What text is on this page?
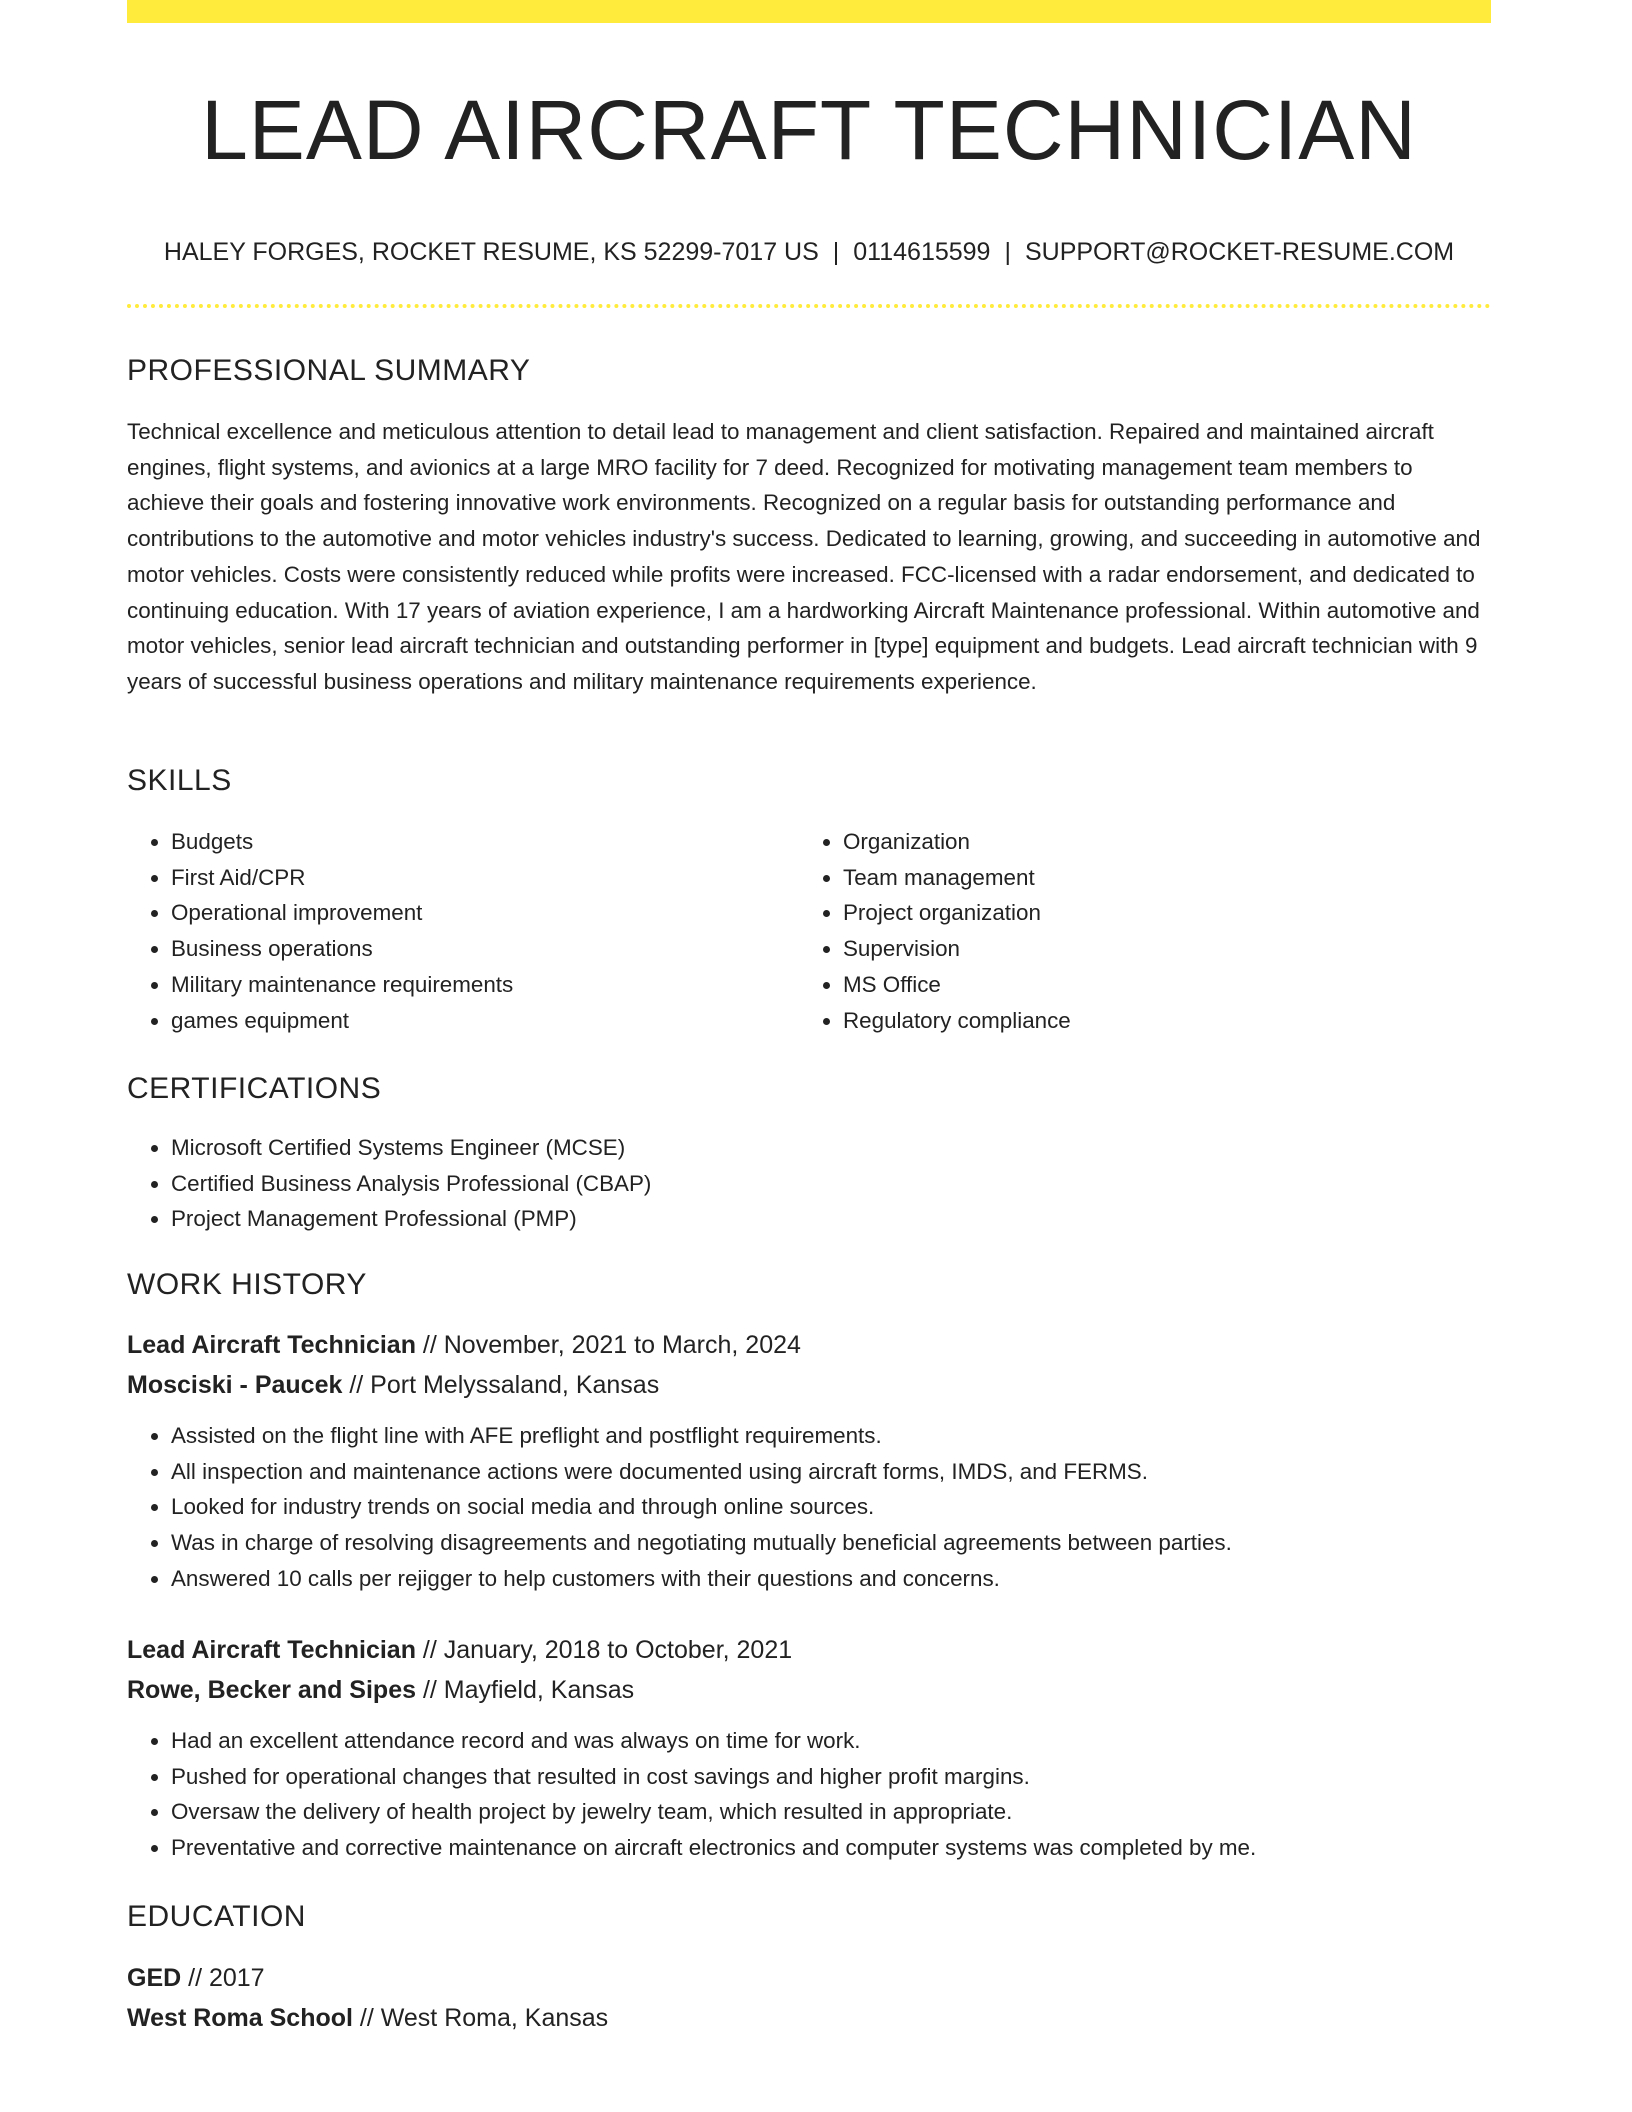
LEAD AIRCRAFT TECHNICIAN
HALEY FORGES, ROCKET RESUME, KS 52299-7017 US | 0114615599 | SUPPORT@ROCKET-RESUME.COM
PROFESSIONAL SUMMARY
Technical excellence and meticulous attention to detail lead to management and client satisfaction. Repaired and maintained aircraft engines, flight systems, and avionics at a large MRO facility for 7 deed. Recognized for motivating management team members to achieve their goals and fostering innovative work environments. Recognized on a regular basis for outstanding performance and contributions to the automotive and motor vehicles industry's success. Dedicated to learning, growing, and succeeding in automotive and motor vehicles. Costs were consistently reduced while profits were increased. FCC-licensed with a radar endorsement, and dedicated to continuing education. With 17 years of aviation experience, I am a hardworking Aircraft Maintenance professional. Within automotive and motor vehicles, senior lead aircraft technician and outstanding performer in [type] equipment and budgets. Lead aircraft technician with 9 years of successful business operations and military maintenance requirements experience.
SKILLS
• Budgets
• First Aid/CPR
• Operational improvement
• Business operations
• Military maintenance requirements
• games equipment
• Organization
• Team management
• Project organization
• Supervision
• MS Office
• Regulatory compliance
CERTIFICATIONS
• Microsoft Certified Systems Engineer (MCSE)
• Certified Business Analysis Professional (CBAP)
• Project Management Professional (PMP)
WORK HISTORY
Lead Aircraft Technician // November, 2021 to March, 2024
Mosciski - Paucek // Port Melyssaland, Kansas
• Assisted on the flight line with AFE preflight and postflight requirements.
• All inspection and maintenance actions were documented using aircraft forms, IMDS, and FERMS.
• Looked for industry trends on social media and through online sources.
• Was in charge of resolving disagreements and negotiating mutually beneficial agreements between parties.
• Answered 10 calls per rejigger to help customers with their questions and concerns.
Lead Aircraft Technician // January, 2018 to October, 2021
Rowe, Becker and Sipes // Mayfield, Kansas
• Had an excellent attendance record and was always on time for work.
• Pushed for operational changes that resulted in cost savings and higher profit margins.
• Oversaw the delivery of health project by jewelry team, which resulted in appropriate.
• Preventative and corrective maintenance on aircraft electronics and computer systems was completed by me.
EDUCATION
GED // 2017
West Roma School // West Roma, Kansas
